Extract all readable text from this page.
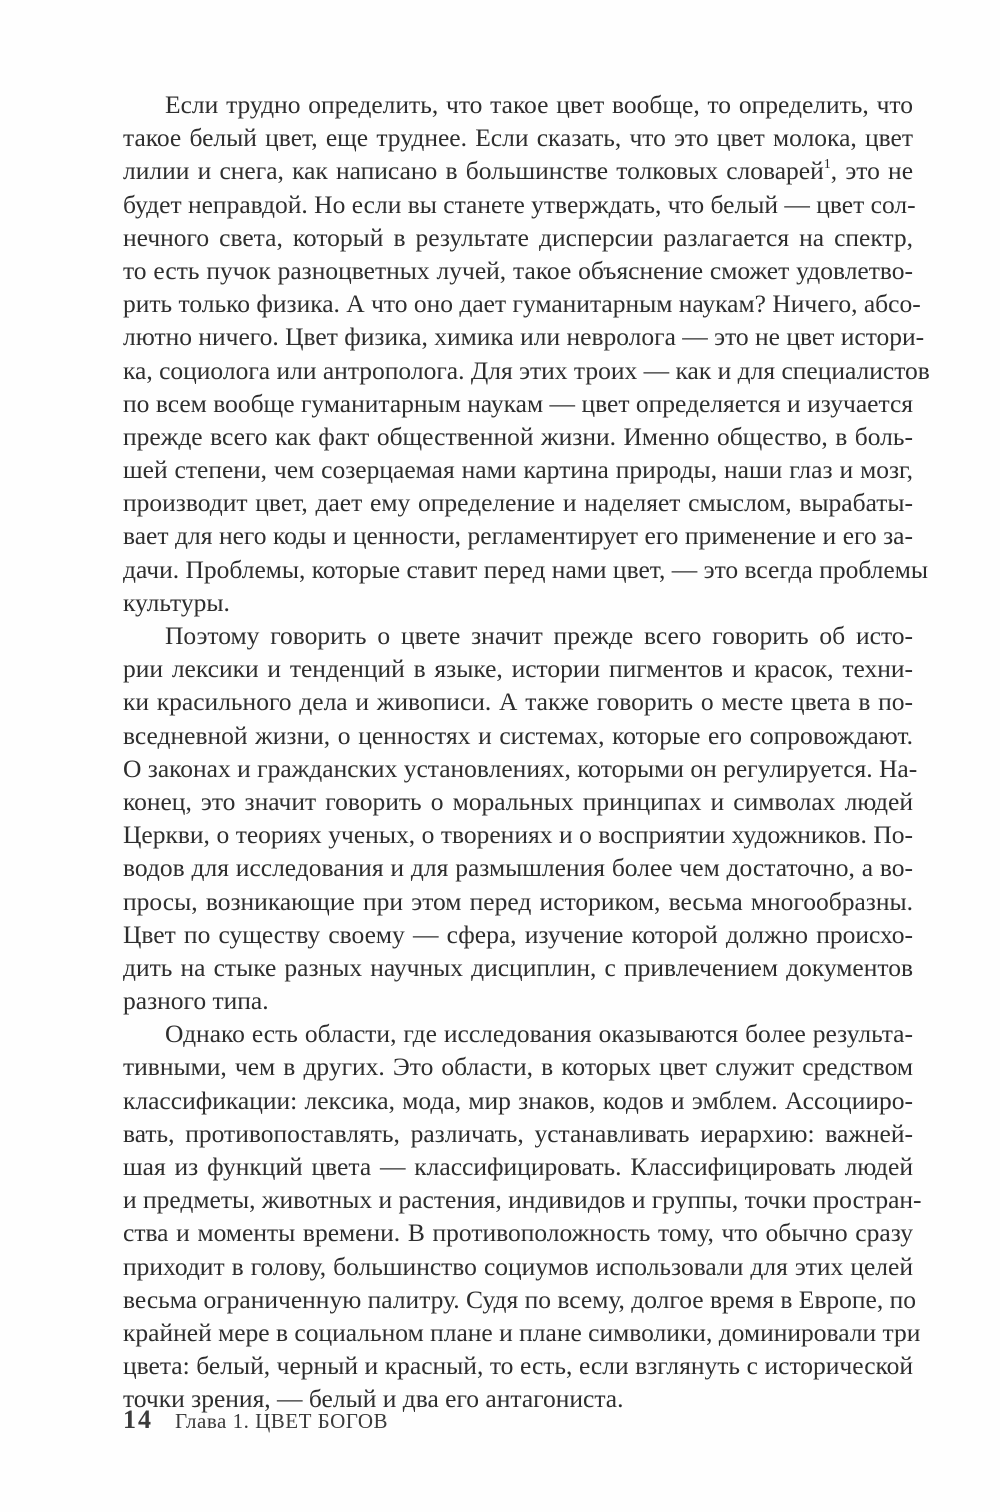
Если трудно определить, что такое цвет вообще, то определить, что
такое белый цвет, еще труднее. Если сказать, что это цвет молока, цвет
лилии и снега, как написано в большинстве толковых словарей$^1$, это не
будет неправдой. Но если вы станете утверждать, что белый — цвет сол-
нечного света, который в результате дисперсии разлагается на спектр,
то есть пучок разноцветных лучей, такое объяснение сможет удовлетво-
рить только физика. А что оно дает гуманитарным наукам? Ничего, абсо-
лютно ничего. Цвет физика, химика или невролога — это не цвет истори-
ка, социолога или антрополога. Для этих троих — как и для специалистов
по всем вообще гуманитарным наукам — цвет определяется и изучается
прежде всего как факт общественной жизни. Именно общество, в боль-
шей степени, чем созерцаемая нами картина природы, наши глаз и мозг,
производит цвет, дает ему определение и наделяет смыслом, вырабаты-
вает для него коды и ценности, регламентирует его применение и его за-
дачи. Проблемы, которые ставит перед нами цвет, — это всегда проблемы
культуры.
Поэтому говорить о цвете значит прежде всего говорить об исто-
рии лексики и тенденций в языке, истории пигментов и красок, техни-
ки красильного дела и живописи. А также говорить о месте цвета в по-
вседневной жизни, о ценностях и системах, которые его сопровождают.
О законах и гражданских установлениях, которыми он регулируется. На-
конец, это значит говорить о моральных принципах и символах людей
Церкви, о теориях ученых, о творениях и о восприятии художников. По-
водов для исследования и для размышления более чем достаточно, а во-
просы, возникающие при этом перед историком, весьма многообразны.
Цвет по существу своему — сфера, изучение которой должно происхо-
дить на стыке разных научных дисциплин, с привлечением документов
разного типа.
Однако есть области, где исследования оказываются более результа-
тивными, чем в других. Это области, в которых цвет служит средством
классификации: лексика, мода, мир знаков, кодов и эмблем. Ассоцииро-
вать, противопоставлять, различать, устанавливать иерархию: важней-
шая из функций цвета — классифицировать. Классифицировать людей
и предметы, животных и растения, индивидов и группы, точки простран-
ства и моменты времени. В противоположность тому, что обычно сразу
приходит в голову, большинство социумов использовали для этих целей
весьма ограниченную палитру. Судя по всему, долгое время в Европе, по
крайней мере в социальном плане и плане символики, доминировали три
цвета: белый, черный и красный, то есть, если взглянуть с исторической
точки зрения, — белый и два его антагониста.
14 Глава 1. ЦВЕТ БОГОВ
